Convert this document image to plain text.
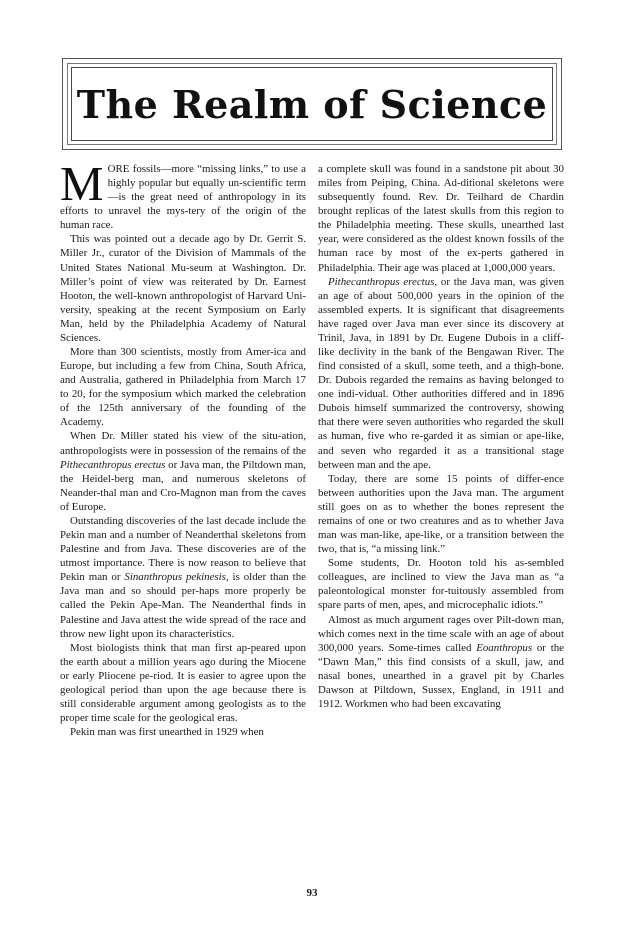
The Realm of Science
M ORE fossils—more “missing links,” to use a highly popular but equally un-scientific term—is the great need of anthropology in its efforts to unravel the mys-tery of the origin of the human race.

This was pointed out a decade ago by Dr. Gerrit S. Miller Jr., curator of the Division of Mammals of the United States National Mu-seum at Washington. Dr. Miller’s point of view was reiterated by Dr. Earnest Hooton, the well-known anthropologist of Harvard Uni-versity, speaking at the recent Symposium on Early Man, held by the Philadelphia Academy of Natural Sciences.

More than 300 scientists, mostly from Amer-ica and Europe, but including a few from China, South Africa, and Australia, gathered in Philadelphia from March 17 to 20, for the symposium which marked the celebration of the 125th anniversary of the founding of the Academy.

When Dr. Miller stated his view of the situ-ation, anthropologists were in possession of the remains of the Pithecanthropus erectus or Java man, the Piltdown man, the Heidel-berg man, and numerous skeletons of Neander-thal man and Cro-Magnon man from the caves of Europe.

Outstanding discoveries of the last decade include the Pekin man and a number of Neanderthal skeletons from Palestine and from Java. These discoveries are of the utmost importance. There is now reason to believe that Pekin man or Sinanthropus pekinesis, is older than the Java man and so should per-haps more properly be called the Pekin Ape-Man. The Neanderthal finds in Palestine and Java attest the wide spread of the race and throw new light upon its characteristics.

Most biologists think that man first ap-peared upon the earth about a million years ago during the Miocene or early Pliocene pe-riod. It is easier to agree upon the geological period than upon the age because there is still considerable argument among geologists as to the proper time scale for the geological eras.

Pekin man was first unearthed in 1929 when

a complete skull was found in a sandstone pit about 30 miles from Peiping, China. Ad-ditional skeletons were subsequently found. Rev. Dr. Teilhard de Chardin brought replicas of the latest skulls from this region to the Philadelphia meeting. These skulls, unearthed last year, were considered as the oldest known fossils of the human race by most of the ex-perts gathered in Philadelphia. Their age was placed at 1,000,000 years.

Pithecanthropus erectus, or the Java man, was given an age of about 500,000 years in the opinion of the assembled experts. It is significant that disagreements have raged over Java man ever since its discovery at Trinil, Java, in 1891 by Dr. Eugene Dubois in a cliff-like declivity in the bank of the Bengawan River. The find consisted of a skull, some teeth, and a thigh-bone. Dr. Dubois regarded the remains as having belonged to one indi-vidual. Other authorities differed and in 1896 Dubois himself summarized the controversy, showing that there were seven authorities who regarded the skull as human, five who re-garded it as simian or ape-like, and seven who regarded it as a transitional stage between man and the ape.

Today, there are some 15 points of differ-ence between authorities upon the Java man. The argument still goes on as to whether the bones represent the remains of one or two creatures and as to whether Java man was man-like, ape-like, or a transition between the two, that is, “a missing link.”

Some students, Dr. Hooton told his as-sembled colleagues, are inclined to view the Java man as “a paleontological monster for-tuitously assembled from spare parts of men, apes, and microcephalic idiots.”

Almost as much argument rages over Pilt-down man, which comes next in the time scale with an age of about 300,000 years. Some-times called Eoanthropus or the “Dawn Man,” this find consists of a skull, jaw, and nasal bones, unearthed in a gravel pit by Charles Dawson at Piltdown, Sussex, England, in 1911 and 1912. Workmen who had been excavating

93
